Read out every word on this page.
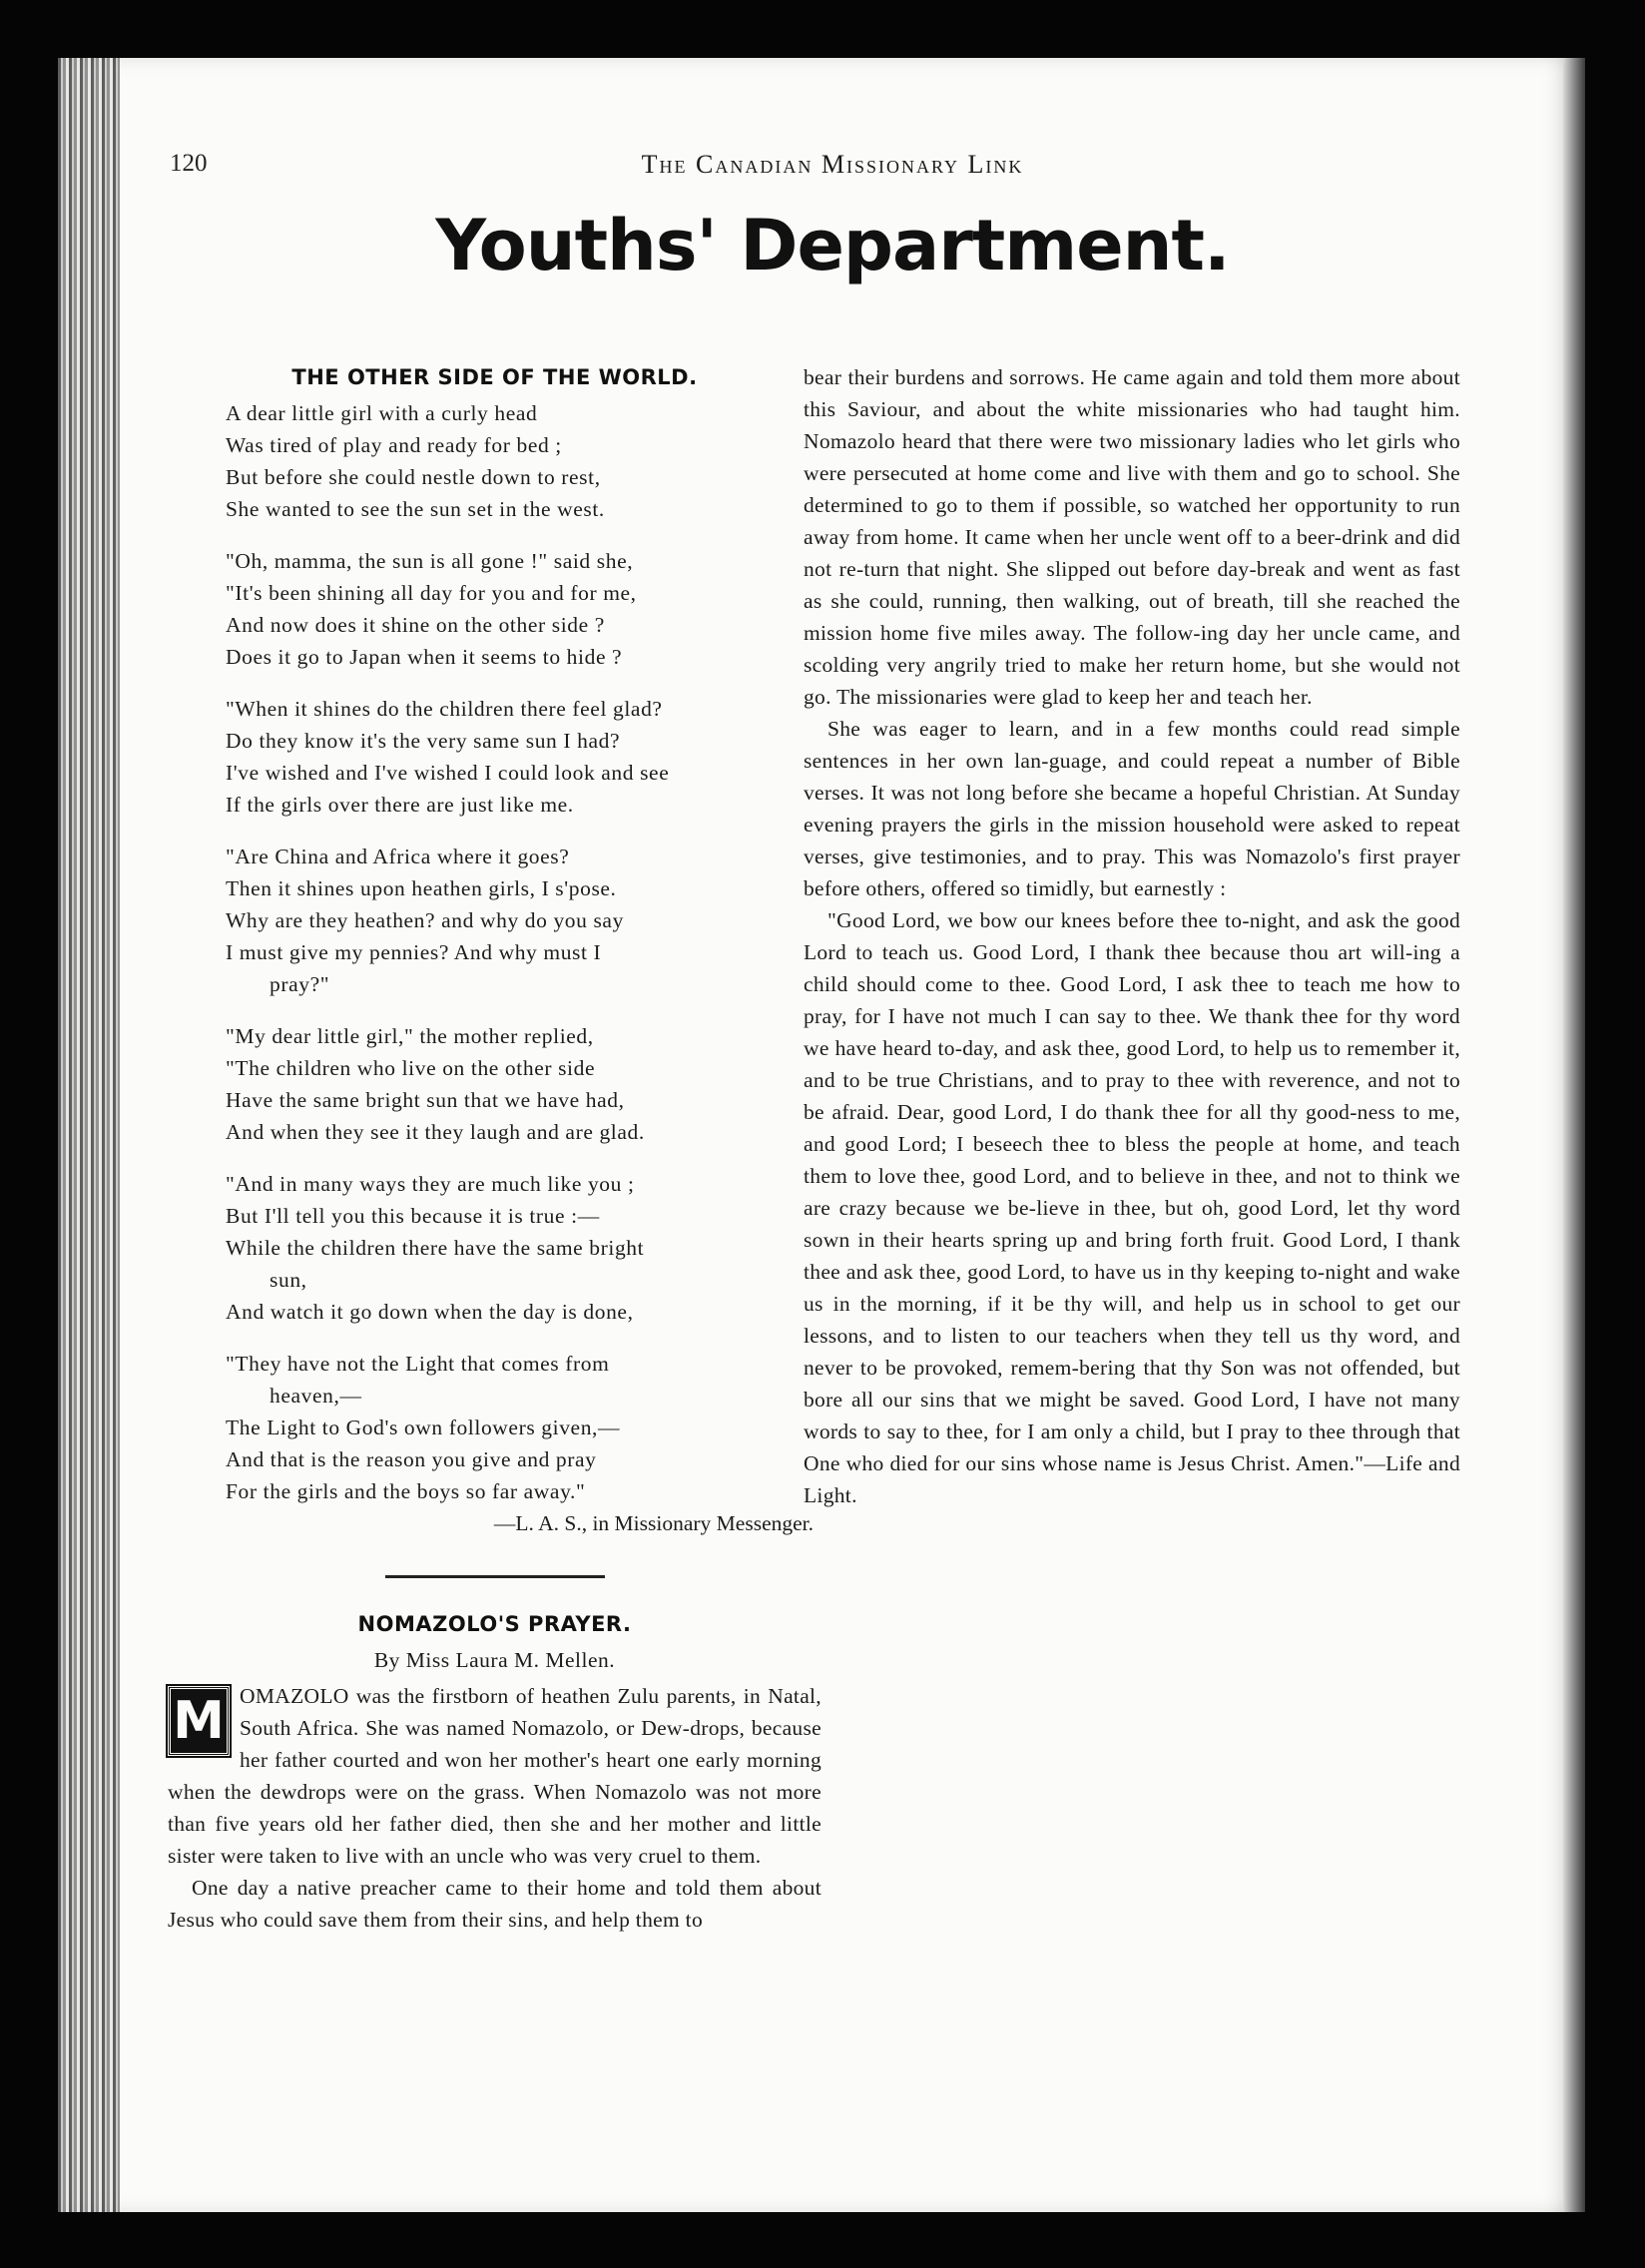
120	The Canadian Missionary Link
Youths' Department.
THE OTHER SIDE OF THE WORLD.
A dear little girl with a curly head
Was tired of play and ready for bed ;
But before she could nestle down to rest,
She wanted to see the sun set in the west.
"Oh, mamma, the sun is all gone !" said she,
"It's been shining all day for you and for me,
And now does it shine on the other side ?
Does it go to Japan when it seems to hide ?
"When it shines do the children there feel glad?
Do they know it's the very same sun I had?
I've wished and I've wished I could look and see
If the girls over there are just like me.
"Are China and Africa where it goes?
Then it shines upon heathen girls, I s'pose.
Why are they heathen? and why do you say
I must give my pennies? And why must I
pray?"
"My dear little girl," the mother replied,
"The children who live on the other side
Have the same bright sun that we have had,
And when they see it they laugh and are glad.
"And in many ways they are much like you ;
But I'll tell you this because it is true :—
While the children there have the same bright
sun,
And watch it go down when the day is done,
"They have not the Light that comes from
heaven,—
The Light to God's own followers given,—
And that is the reason you give and pray
For the girls and the boys so far away."
—L. A. S., in Missionary Messenger.
NOMAZOLO'S PRAYER.
By Miss Laura M. Mellen.
M OMAZOLO was the firstborn of heathen Zulu parents, in Natal, South Africa. She was named Nomazolo, or Dew-drops, because her father courted and won her mother's heart one early morning when the dewdrops were on the grass. When Nomazolo was not more than five years old her father died, then she and her mother and little sister were taken to live with an uncle who was very cruel to them.

One day a native preacher came to their home and told them about Jesus who could save them from their sins, and help them to

bear their burdens and sorrows. He came again and told them more about this Saviour, and about the white missionaries who had taught him. Nomazolo heard that there were two missionary ladies who let girls who were persecuted at home come and live with them and go to school. She determined to go to them if possible, so watched her opportunity to run away from home. It came when her uncle went off to a beer-drink and did not re-turn that night. She slipped out before day-break and went as fast as she could, running, then walking, out of breath, till she reached the mission home five miles away. The follow-ing day her uncle came, and scolding very angrily tried to make her return home, but she would not go. The missionaries were glad to keep her and teach her.

She was eager to learn, and in a few months could read simple sentences in her own lan-guage, and could repeat a number of Bible verses. It was not long before she became a hopeful Christian. At Sunday evening prayers the girls in the mission household were asked to repeat verses, give testimonies, and to pray. This was Nomazolo's first prayer before others, offered so timidly, but earnestly :

"Good Lord, we bow our knees before thee to-night, and ask the good Lord to teach us. Good Lord, I thank thee because thou art will-ing a child should come to thee. Good Lord, I ask thee to teach me how to pray, for I have not much I can say to thee. We thank thee for thy word we have heard to-day, and ask thee, good Lord, to help us to remember it, and to be true Christians, and to pray to thee with reverence, and not to be afraid. Dear, good Lord, I do thank thee for all thy good-ness to me, and good Lord; I beseech thee to bless the people at home, and teach them to love thee, good Lord, and to believe in thee, and not to think we are crazy because we be-lieve in thee, but oh, good Lord, let thy word sown in their hearts spring up and bring forth fruit. Good Lord, I thank thee and ask thee, good Lord, to have us in thy keeping to-night and wake us in the morning, if it be thy will, and help us in school to get our lessons, and to listen to our teachers when they tell us thy word, and never to be provoked, remem-bering that thy Son was not offended, but bore all our sins that we might be saved. Good Lord, I have not many words to say to thee, for I am only a child, but I pray to thee through that One who died for our sins whose name is Jesus Christ. Amen."—Life and Light.
